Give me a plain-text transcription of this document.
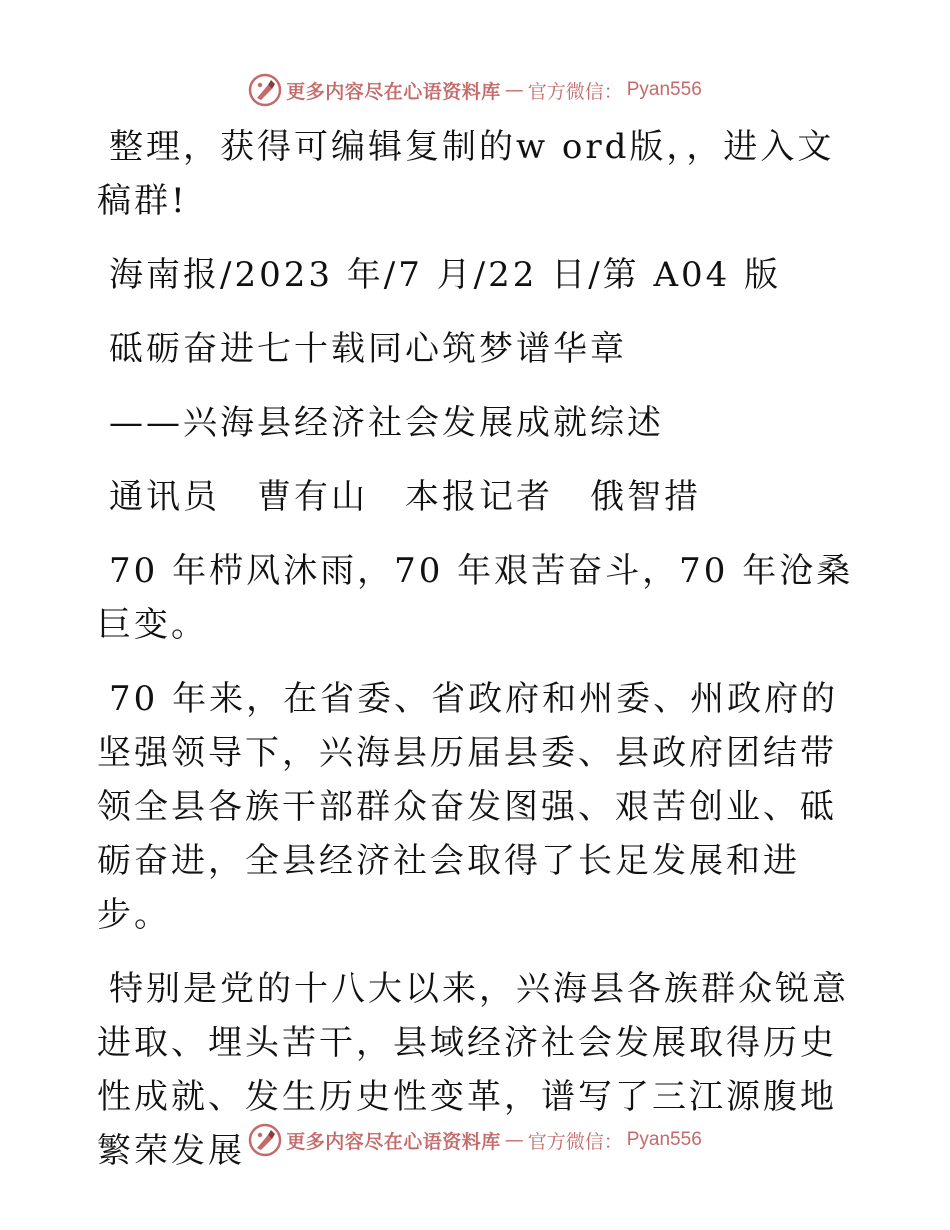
更多内容尽在心语资料库 — 官方微信： Pyan556

整理，获得可编辑复制的w ord版，，进入文稿群!

海南报/2023 年/7 月/22 日/第 A04 版

砥砺奋进七十载同心筑梦谱华章

——兴海县经济社会发展成就综述

通讯员　曹有山　本报记者　俄智措

70 年栉风沐雨，70 年艰苦奋斗，70 年沧桑巨变。

70 年来，在省委、省政府和州委、州政府的坚强领导下，兴海县历届县委、县政府团结带领全县各族干部群众奋发图强、艰苦创业、砥砺奋进，全县经济社会取得了长足发展和进步。

特别是党的十八大以来，兴海县各族群众锐意进取、埋头苦干，县域经济社会发展取得历史性成就、发生历史性变革，谱写了三江源腹地繁荣发展	更多内容尽在心语资料库 — 官方微信： Pyan556
